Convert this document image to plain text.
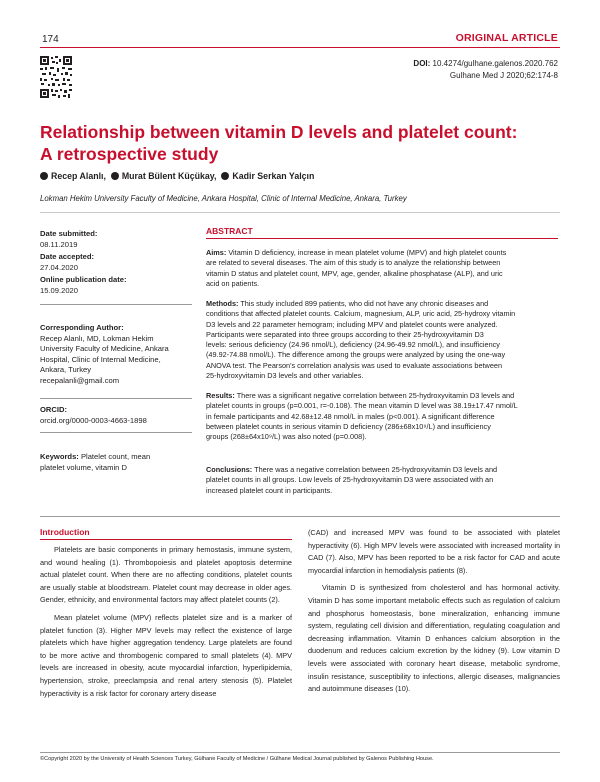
174	ORIGINAL ARTICLE
DOI: 10.4274/gulhane.galenos.2020.762
Gulhane Med J 2020;62:174-8
Relationship between vitamin D levels and platelet count:
A retrospective study
Recep Alanlı, Murat Bülent Küçükay, Kadir Serkan Yalçın
Lokman Hekim University Faculty of Medicine, Ankara Hospital, Clinic of Internal Medicine, Ankara, Turkey
Date submitted:
08.11.2019
Date accepted:
27.04.2020
Online publication date:
15.09.2020
Corresponding Author:
Recep Alanlı, MD, Lokman Hekim
University Faculty of Medicine, Ankara
Hospital, Clinic of Internal Medicine,
Ankara, Turkey
recepalanli@gmail.com
ORCID:
orcid.org/0000-0003-4663-1898
Keywords: Platelet count, mean
platelet volume, vitamin D
ABSTRACT
Aims: Vitamin D deficiency, increase in mean platelet volume (MPV) and high platelet counts
are related to several diseases. The aim of this study is to analyze the relationship between
vitamin D status and platelet count, MPV, age, gender, alkaline phosphatase (ALP), and uric
acid on patients.
Methods: This study included 899 patients, who did not have any chronic diseases and
conditions that affected platelet counts. Calcium, magnesium, ALP, uric acid, 25-hydroxy vitamin
D3 levels and 22 parameter hemogram; including MPV and platelet counts were analyzed.
Participants were separated into three groups according to their 25-hydroxyvitamin D3
levels: serious deficiency (24.96 nmol/L), deficiency (24.96-49.92 nmol/L), and insufficiency
(49.92-74.88 nmol/L). The difference among the groups were analyzed by using the one-way
ANOVA test. The Pearson's correlation analysis was used to evaluate associations between
25-hydroxyvitamin D3 levels and other variables.
Results: There was a significant negative correlation between 25-hydroxyvitamin D3 levels and
platelet counts in groups (p=0.001, r=-0.108). The mean vitamin D level was 38.19±17.47 nmol/L
in female participants and 42.68±12.48 nmol/L in males (p<0.001). A significant difference
between platelet counts in serious vitamin D deficiency (286±68x10⁹/L) and insufficiency
groups (268±64x10⁹/L) was also noted (p=0.008).
Conclusions: There was a negative correlation between 25-hydroxyvitamin D3 levels and
platelet counts in all groups. Low levels of 25-hydroxyvitamin D3 were associated with an
increased platelet count in participants.
Introduction

Platelets are basic components in primary hemostasis, immune system, and wound healing (1). Thrombopoiesis and platelet apoptosis determine actual platelet count. When there are no affecting conditions, platelet counts are usually stable at bloodstream. Platelet count may decrease in older ages. Gender, ethnicity, and environmental factors may affect platelet counts (2).

Mean platelet volume (MPV) reflects platelet size and is a marker of platelet function (3). Higher MPV levels may reflect the existence of large platelets which have higher aggregation tendency. Large platelets are found to be more active and thrombogenic compared to small platelets (4). MPV levels are increased in obesity, acute myocardial infarction, hyperlipidemia, hypertension, stroke, preeclampsia and renal artery stenosis (5). Platelet hyperactivity is a risk factor for coronary artery disease

(CAD) and increased MPV was found to be associated with platelet hyperactivity (6). High MPV levels were associated with increased mortality in CAD (7). Also, MPV has been reported to be a risk factor for CAD and acute myocardial infarction in hemodialysis patients (8).

Vitamin D is synthesized from cholesterol and has hormonal activity. Vitamin D has some important metabolic effects such as regulation of calcium and phosphorus homeostasis, bone mineralization, enhancing immune system, regulating cell division and differentiation, regulating coagulation and decreasing inflammation. Vitamin D enhances calcium absorption in the duodenum and reduces calcium excretion by the kidney (9). Low vitamin D levels were associated with coronary heart disease, metabolic syndrome, insulin resistance, susceptibility to infections, allergic diseases, malignancies and autoimmune diseases (10).

©Copyright 2020 by the University of Health Sciences Turkey, Gülhane Faculty of Medicine / Gülhane Medical Journal published by Galenos Publishing House.
